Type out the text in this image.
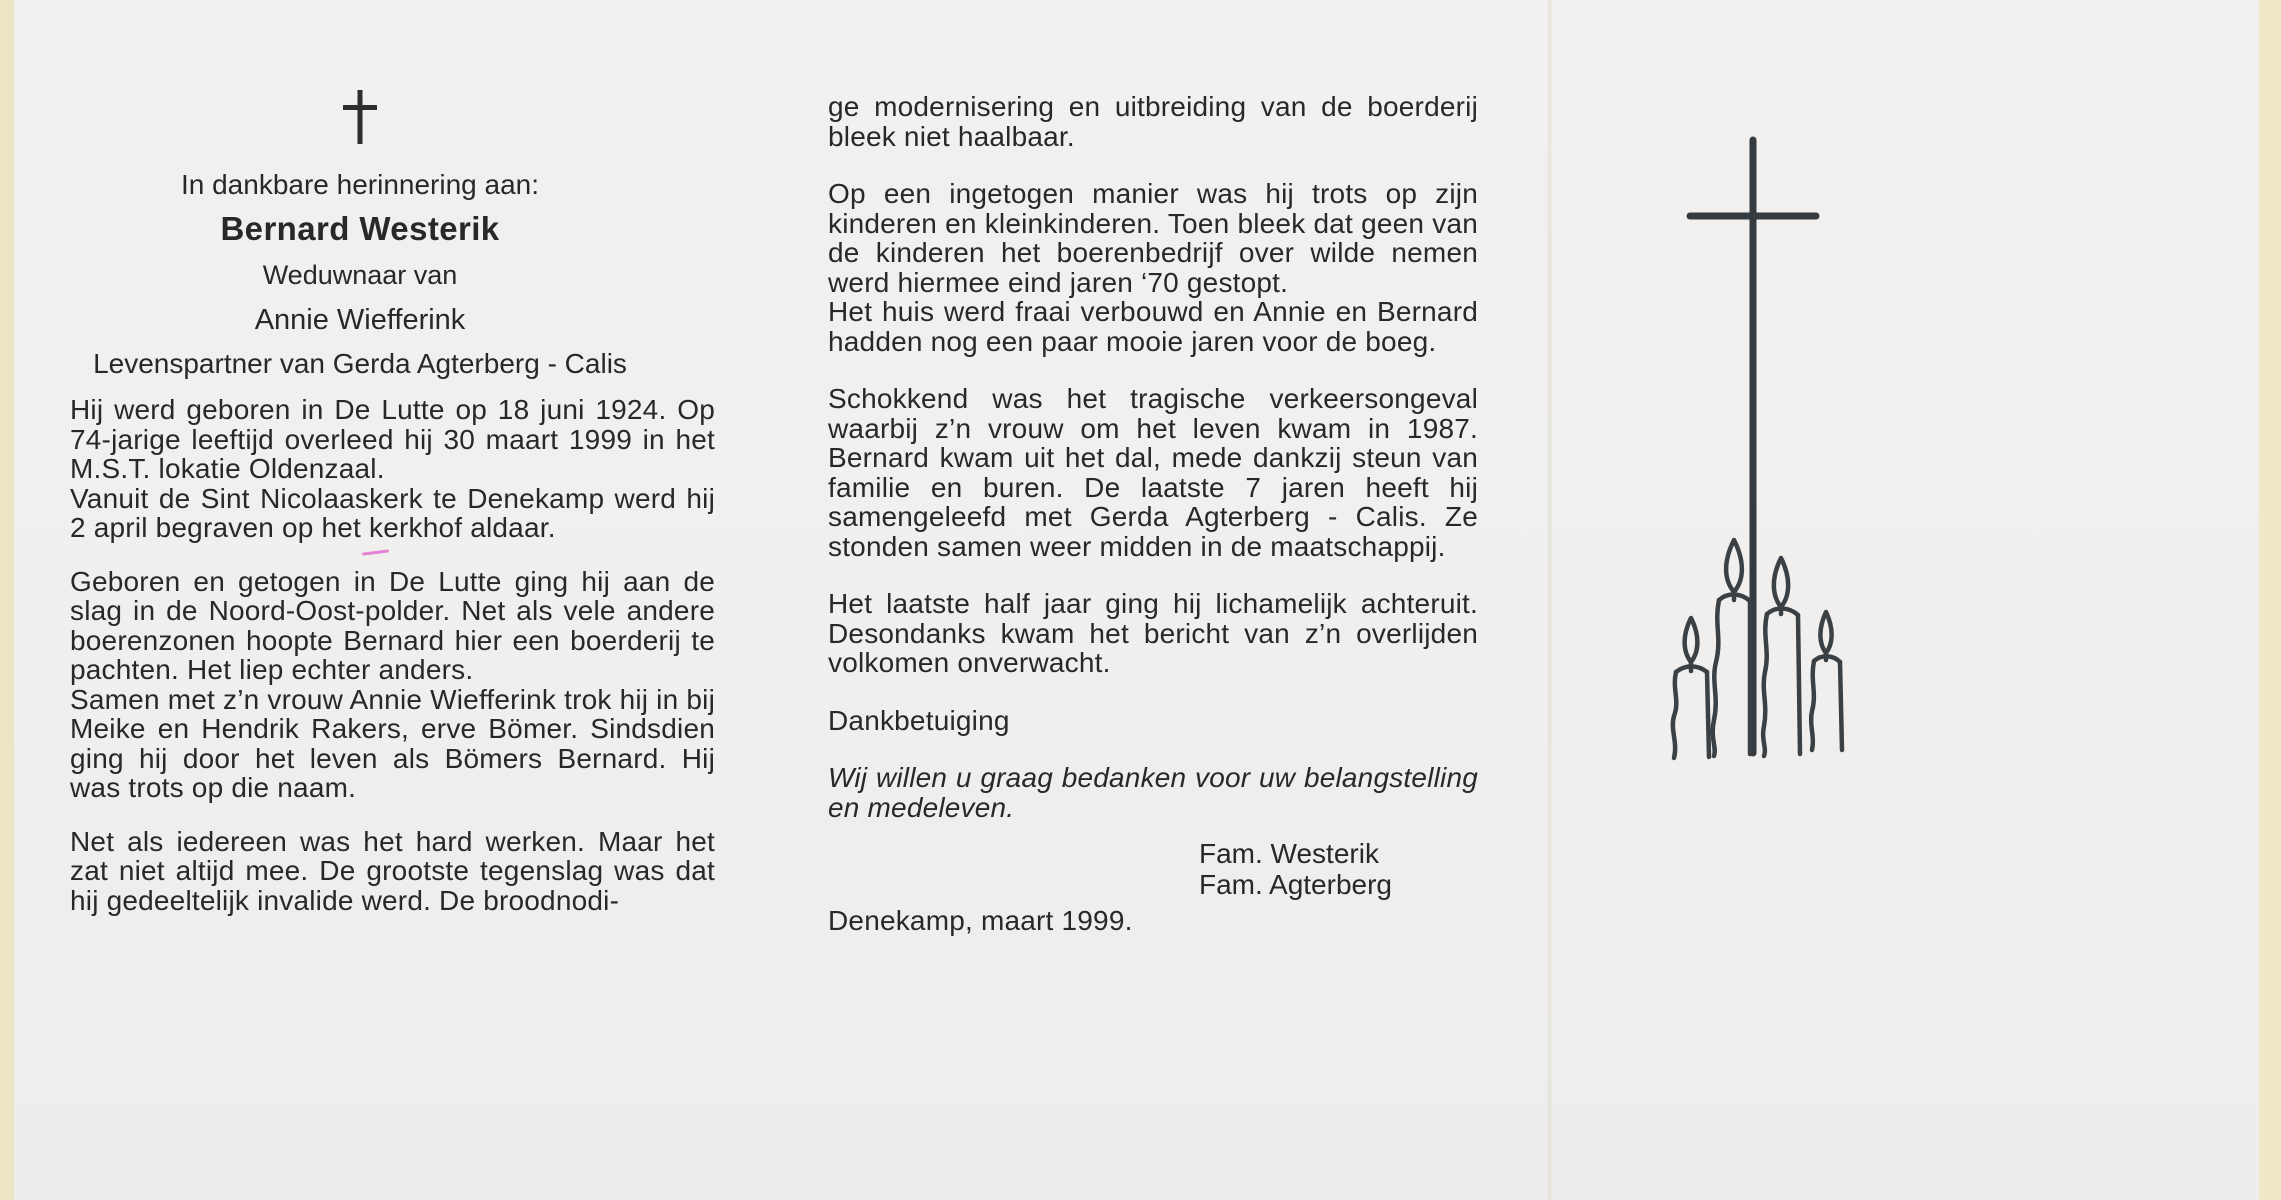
In dankbare herinnering aan:

Bernard Westerik

Weduwnaar van

Annie Wiefferink

Levenspartner van Gerda Agterberg - Calis

Hij werd geboren in De Lutte op 18 juni 1924. Op 74-jarige leeftijd overleed hij 30 maart 1999 in het M.S.T. lokatie Oldenzaal.

Vanuit de Sint Nicolaaskerk te Denekamp werd hij 2 april begraven op het kerkhof aldaar.

Geboren en getogen in De Lutte ging hij aan de slag in de Noord-Oost-polder. Net als vele andere boerenzonen hoopte Bernard hier een boerderij te pachten. Het liep echter anders.

Samen met z’n vrouw Annie Wiefferink trok hij in bij Meike en Hendrik Rakers, erve Bömer. Sindsdien ging hij door het leven als Bömers Bernard. Hij was trots op die naam.

Net als iedereen was het hard werken. Maar het zat niet altijd mee. De grootste tegenslag was dat hij gedeeltelijk invalide werd. De broodnodi-

ge modernisering en uitbreiding van de boerderij bleek niet haalbaar.

Op een ingetogen manier was hij trots op zijn kinderen en kleinkinderen. Toen bleek dat geen van de kinderen het boerenbedrijf over wilde nemen werd hiermee eind jaren ‘70 gestopt.

Het huis werd fraai verbouwd en Annie en Bernard hadden nog een paar mooie jaren voor de boeg.

Schokkend was het tragische verkeersongeval waarbij z’n vrouw om het leven kwam in 1987. Bernard kwam uit het dal, mede dankzij steun van familie en buren. De laatste 7 jaren heeft hij samengeleefd met Gerda Agterberg - Calis. Ze stonden samen weer midden in de maatschappij.

Het laatste half jaar ging hij lichamelijk achteruit. Desondanks kwam het bericht van z’n overlijden volkomen onverwacht.

Dankbetuiging

Wij willen u graag bedanken voor uw belangstelling en medeleven.

Fam. Westerik

Fam. Agterberg

Denekamp, maart 1999.
